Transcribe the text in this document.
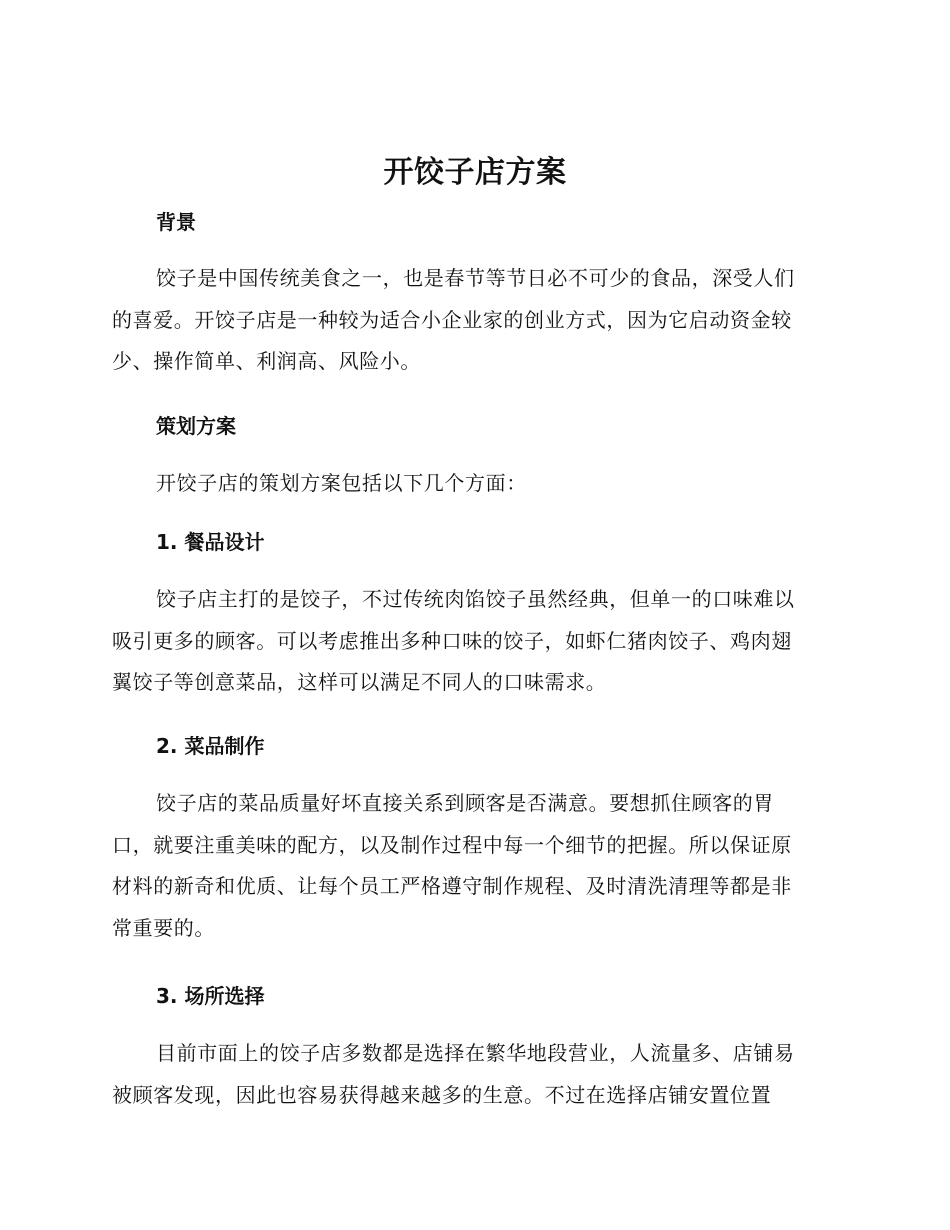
开饺子店方案
背景
饺子是中国传统美食之一，也是春节等节日必不可少的食品，深受人们
的喜爱。开饺子店是一种较为适合小企业家的创业方式，因为它启动资金较
少、操作简单、利润高、风险小。
策划方案
开饺子店的策划方案包括以下几个方面：
1. 餐品设计
饺子店主打的是饺子，不过传统肉馅饺子虽然经典，但单一的口味难以
吸引更多的顾客。可以考虑推出多种口味的饺子，如虾仁猪肉饺子、鸡肉翅
翼饺子等创意菜品，这样可以满足不同人的口味需求。
2. 菜品制作
饺子店的菜品质量好坏直接关系到顾客是否满意。要想抓住顾客的胃
口，就要注重美味的配方，以及制作过程中每一个细节的把握。所以保证原
材料的新奇和优质、让每个员工严格遵守制作规程、及时清洗清理等都是非
常重要的。
3. 场所选择
目前市面上的饺子店多数都是选择在繁华地段营业，人流量多、店铺易
被顾客发现，因此也容易获得越来越多的生意。不过在选择店铺安置位置
